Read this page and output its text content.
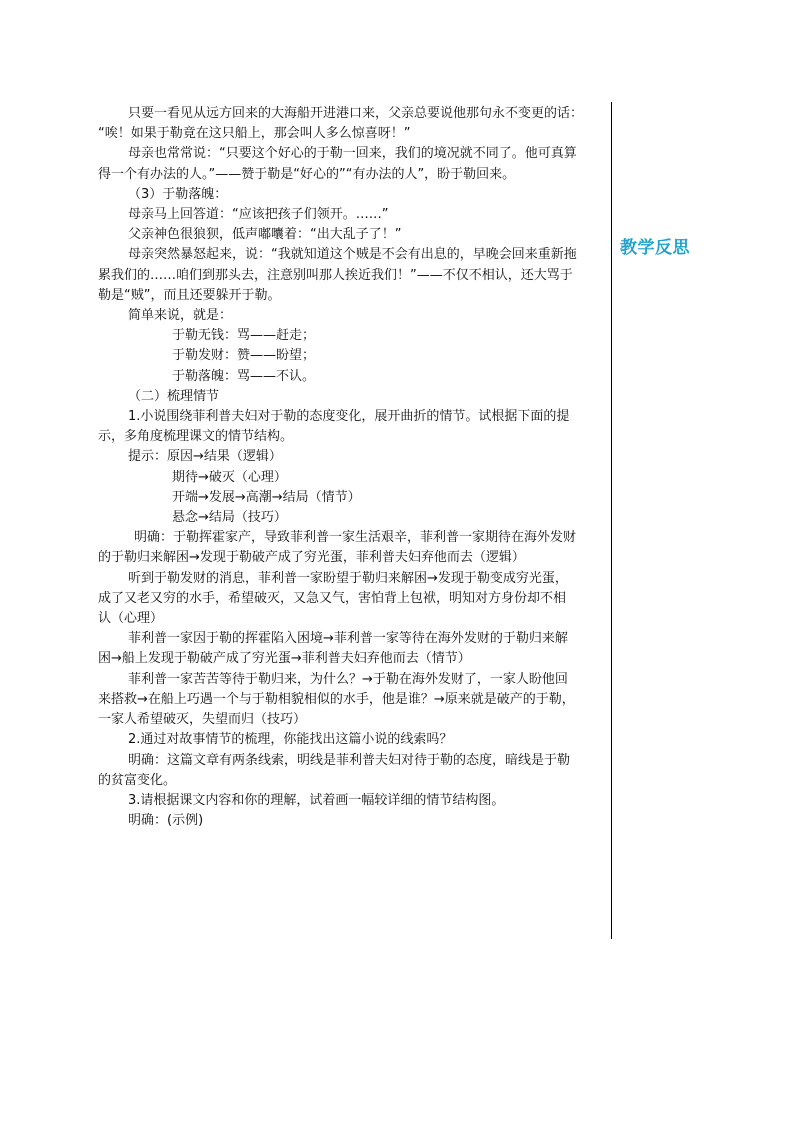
只要一看见从远方回来的大海船开进港口来，父亲总要说他那句永不变更的话：
“唉！如果于勒竟在这只船上，那会叫人多么惊喜呀！”
母亲也常常说：“只要这个好心的于勒一回来，我们的境况就不同了。他可真算
得一个有办法的人。”——赞于勒是“好心的”“有办法的人”，盼于勒回来。
（3）于勒落魄：
母亲马上回答道：“应该把孩子们领开。……”
父亲神色很狼狈，低声嘟囔着：“出大乱子了！”
母亲突然暴怒起来，说：“我就知道这个贼是不会有出息的，早晚会回来重新拖
累我们的……咱们到那头去，注意别叫那人挨近我们！”——不仅不相认，还大骂于
勒是“贼”，而且还要躲开于勒。
简单来说，就是：
于勒无钱：骂——赶走；
于勒发财：赞——盼望；
于勒落魄：骂——不认。
（二）梳理情节
1.小说围绕菲利普夫妇对于勒的态度变化，展开曲折的情节。试根据下面的提
示，多角度梳理课文的情节结构。
提示：原因→结果（逻辑）
期待→破灭（心理）
开端→发展→高潮→结局（情节）
悬念→结局（技巧）
明确：于勒挥霍家产，导致菲利普一家生活艰辛，菲利普一家期待在海外发财
的于勒归来解困→发现于勒破产成了穷光蛋，菲利普夫妇弃他而去（逻辑）
听到于勒发财的消息，菲利普一家盼望于勒归来解困→发现于勒变成穷光蛋，
成了又老又穷的水手，希望破灭，又急又气，害怕背上包袱，明知对方身份却不相
认（心理）
菲利普一家因于勒的挥霍陷入困境→菲利普一家等待在海外发财的于勒归来解
困→船上发现于勒破产成了穷光蛋→菲利普夫妇弃他而去（情节）
菲利普一家苦苦等待于勒归来，为什么？→于勒在海外发财了，一家人盼他回
来搭救→在船上巧遇一个与于勒相貌相似的水手，他是谁？→原来就是破产的于勒，
一家人希望破灭，失望而归（技巧）
2.通过对故事情节的梳理，你能找出这篇小说的线索吗？
明确：这篇文章有两条线索，明线是菲利普夫妇对待于勒的态度，暗线是于勒
的贫富变化。
3.请根据课文内容和你的理解，试着画一幅较详细的情节结构图。
明确：(示例)
教学反思
